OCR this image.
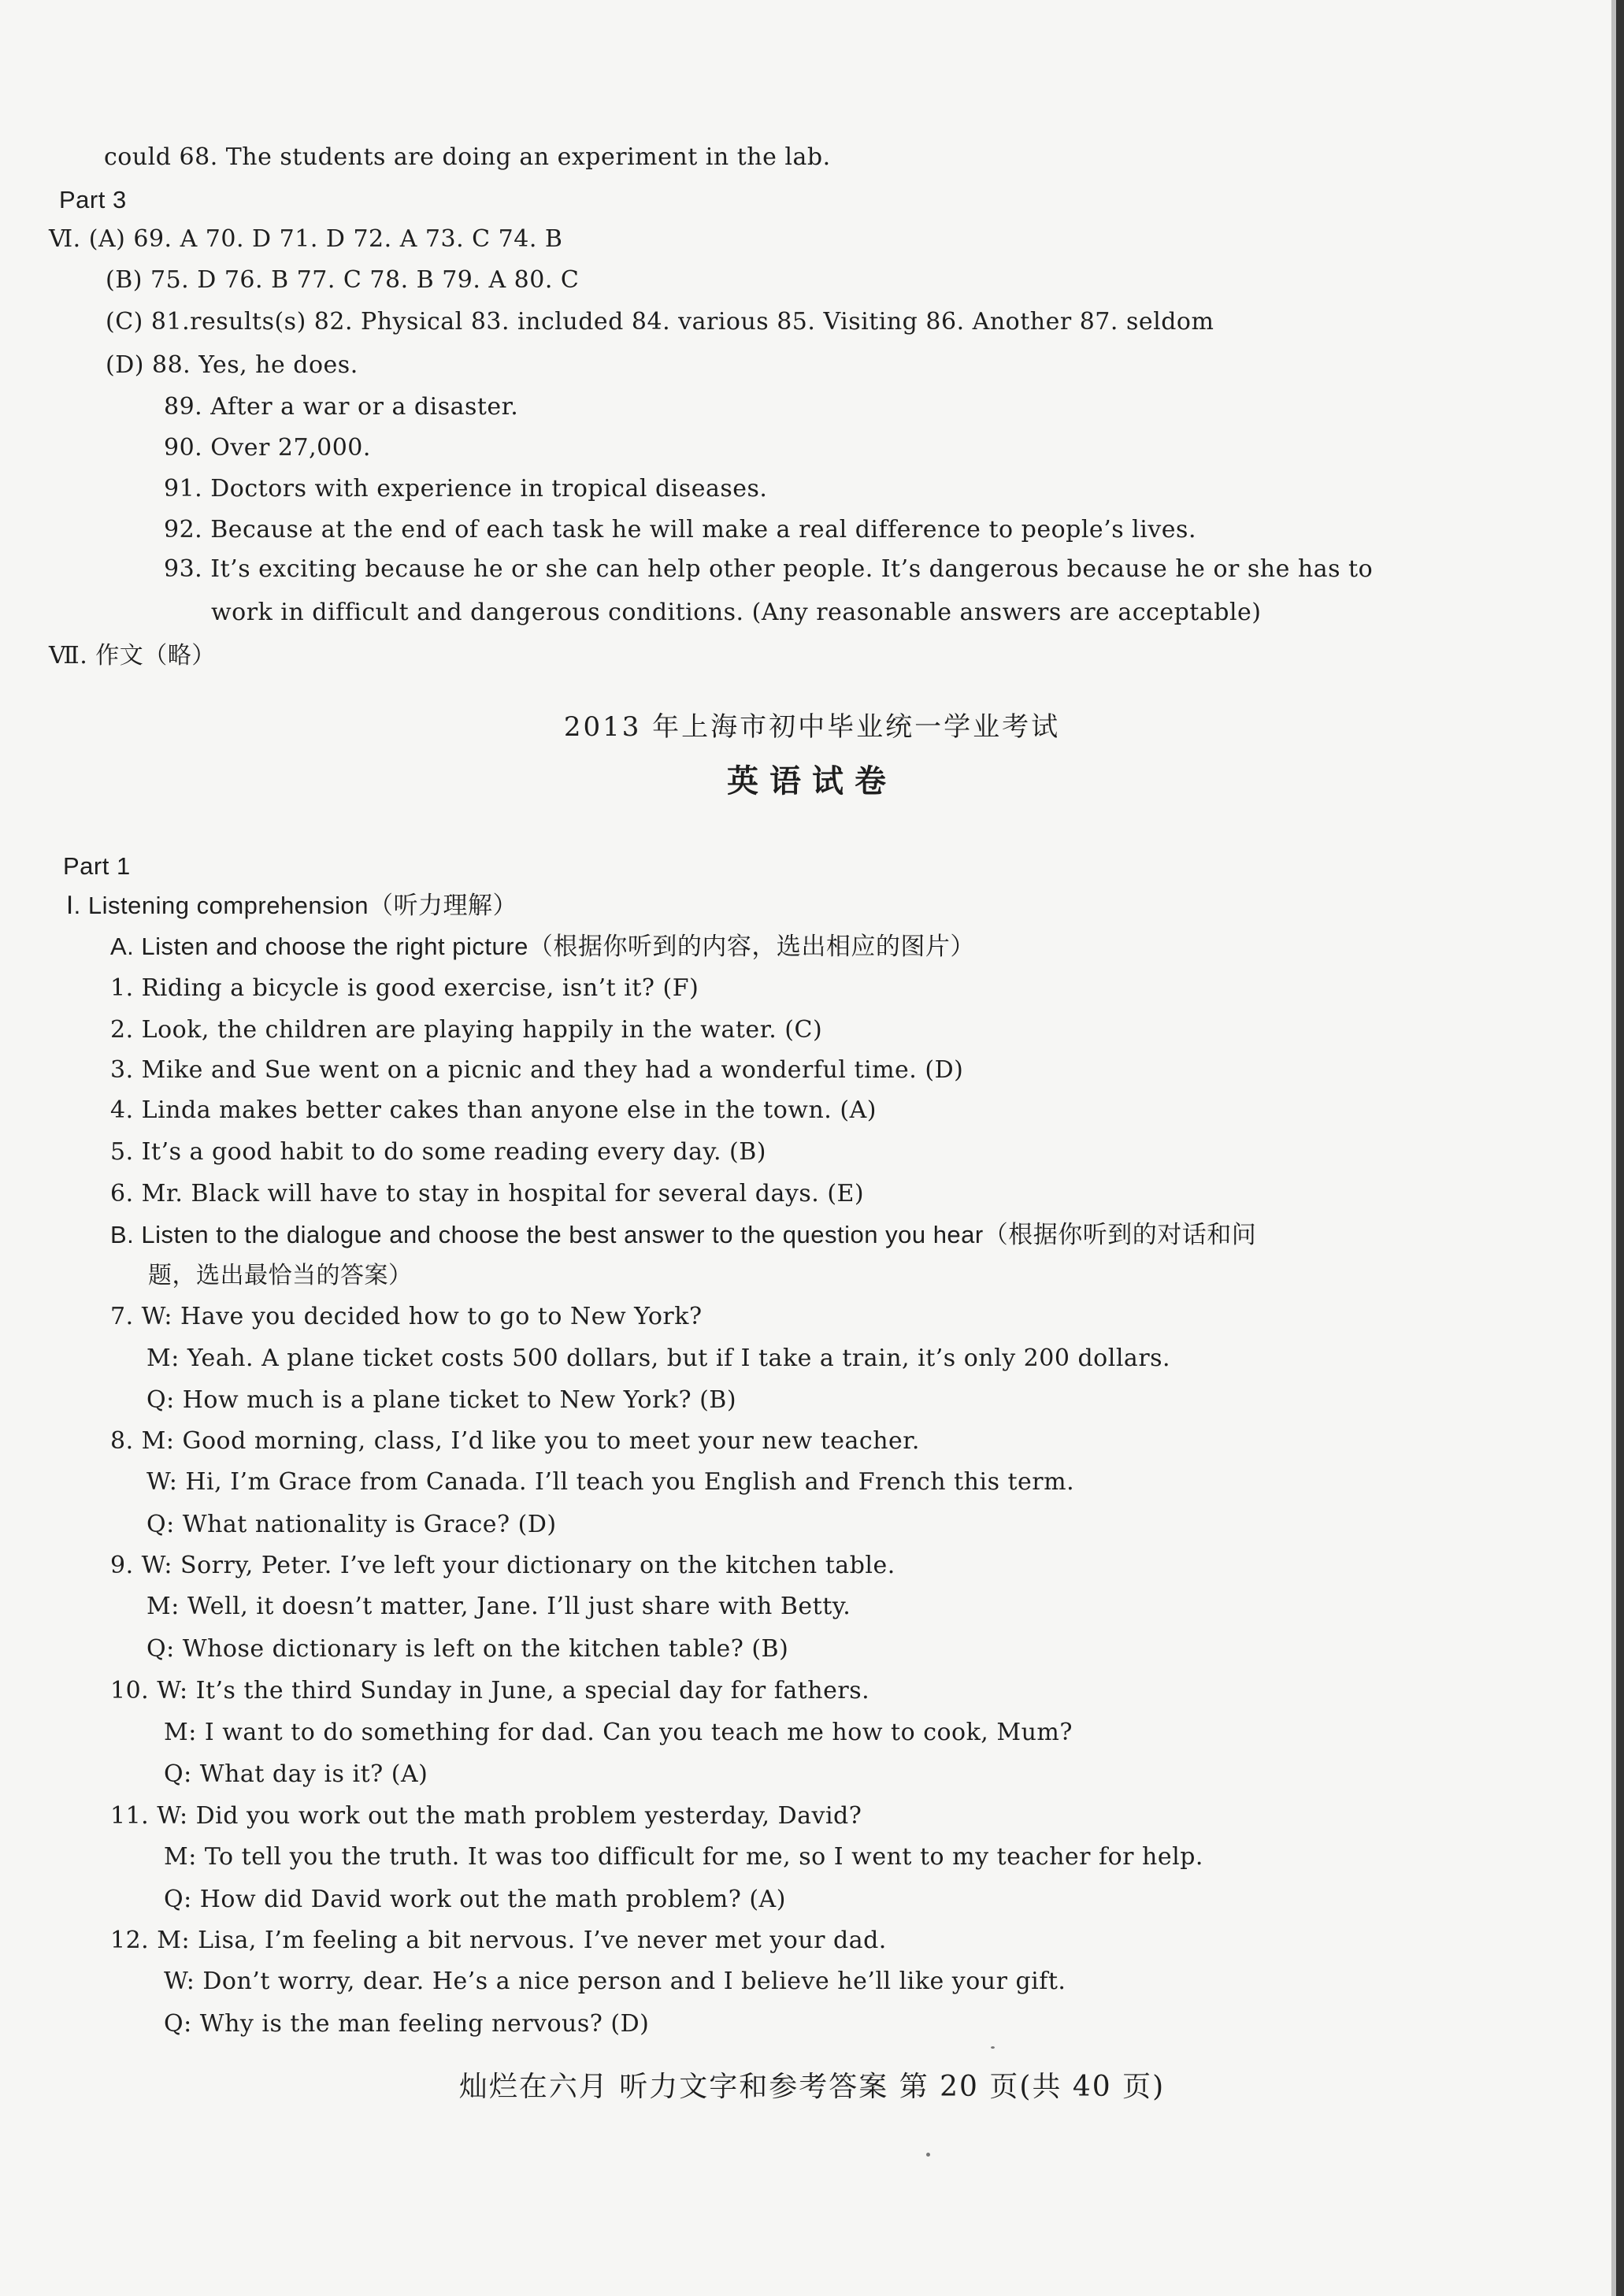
could 68. The students are doing an experiment in the lab.
Part 3
Ⅵ. (A) 69. A 70. D 71. D 72. A 73. C 74. B
(B) 75. D 76. B 77. C 78. B 79. A 80. C
(C) 81.results(s) 82. Physical 83. included 84. various 85. Visiting 86. Another 87. seldom
(D) 88. Yes, he does.
89. After a war or a disaster.
90. Over 27,000.
91. Doctors with experience in tropical diseases.
92. Because at the end of each task he will make a real difference to people’s lives.
93. It’s exciting because he or she can help other people. It’s dangerous because he or she has to
work in difficult and dangerous conditions. (Any reasonable answers are acceptable)
Ⅶ. 作文（略）
2013 年上海市初中毕业统一学业考试
英语试卷
Part 1
Ⅰ. Listening comprehension（听力理解）
A. Listen and choose the right picture（根据你听到的内容，选出相应的图片）
1. Riding a bicycle is good exercise, isn’t it? (F)
2. Look, the children are playing happily in the water. (C)
3. Mike and Sue went on a picnic and they had a wonderful time. (D)
4. Linda makes better cakes than anyone else in the town. (A)
5. It’s a good habit to do some reading every day. (B)
6. Mr. Black will have to stay in hospital for several days. (E)
B. Listen to the dialogue and choose the best answer to the question you hear（根据你听到的对话和问
题，选出最恰当的答案）
7. W: Have you decided how to go to New York?
M: Yeah. A plane ticket costs 500 dollars, but if I take a train, it’s only 200 dollars.
Q: How much is a plane ticket to New York? (B)
8. M: Good morning, class, I’d like you to meet your new teacher.
W: Hi, I’m Grace from Canada. I’ll teach you English and French this term.
Q: What nationality is Grace? (D)
9. W: Sorry, Peter. I’ve left your dictionary on the kitchen table.
M: Well, it doesn’t matter, Jane. I’ll just share with Betty.
Q: Whose dictionary is left on the kitchen table? (B)
10. W: It’s the third Sunday in June, a special day for fathers.
M: I want to do something for dad. Can you teach me how to cook, Mum?
Q: What day is it? (A)
11. W: Did you work out the math problem yesterday, David?
M: To tell you the truth. It was too difficult for me, so I went to my teacher for help.
Q: How did David work out the math problem? (A)
12. M: Lisa, I’m feeling a bit nervous. I’ve never met your dad.
W: Don’t worry, dear. He’s a nice person and I believe he’ll like your gift.
Q: Why is the man feeling nervous? (D)
灿烂在六月 听力文字和参考答案 第 20 页(共 40 页)
